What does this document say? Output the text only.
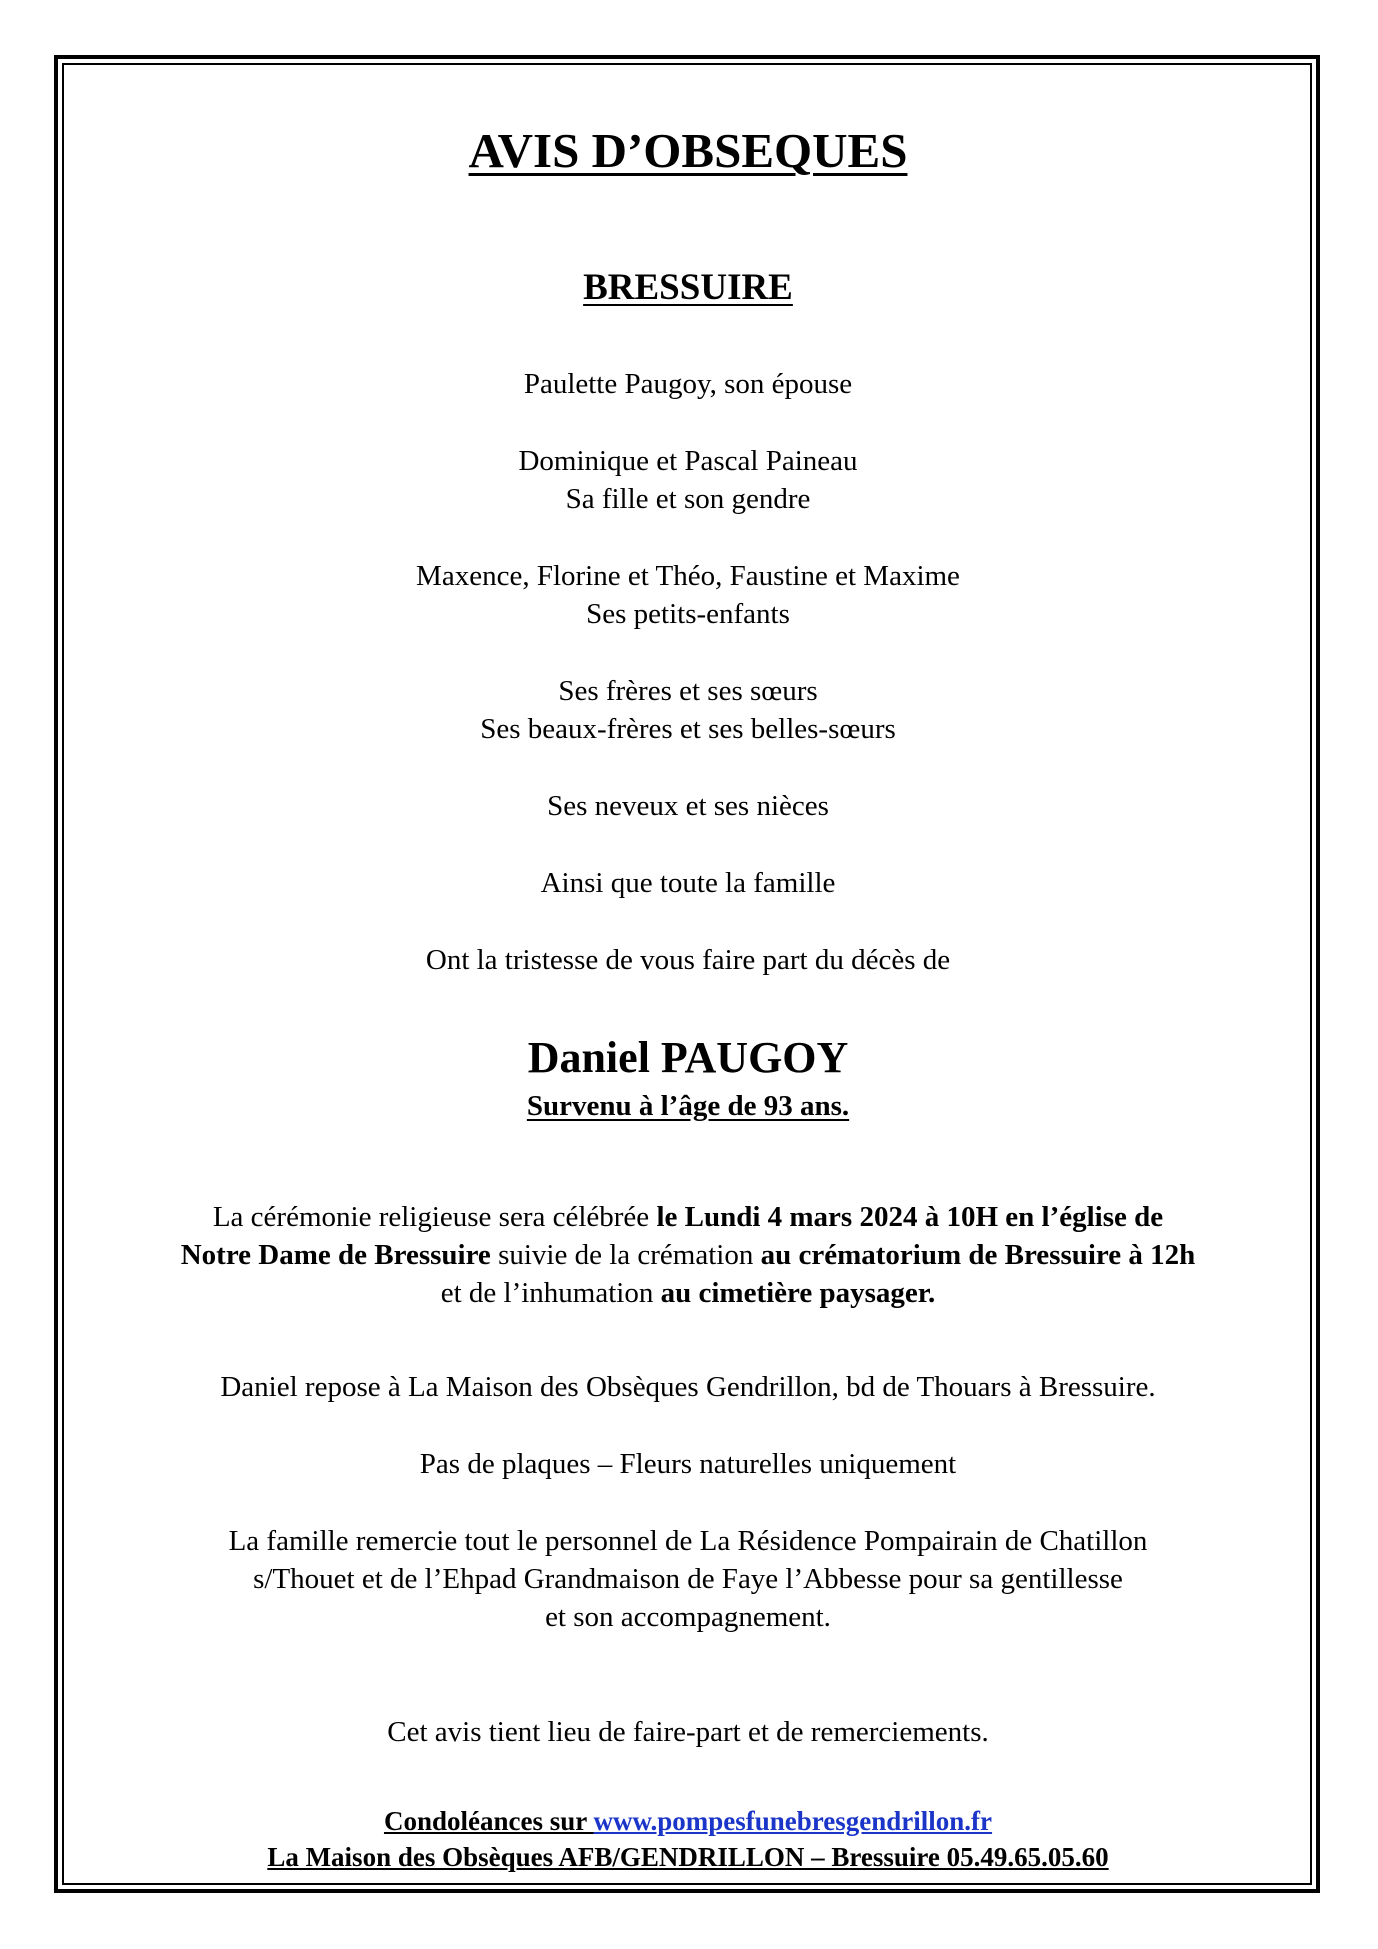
AVIS D’OBSEQUES
BRESSUIRE
Paulette Paugoy, son épouse
Dominique et Pascal Paineau
Sa fille et son gendre
Maxence, Florine et Théo, Faustine et Maxime
Ses petits-enfants
Ses frères et ses sœurs
Ses beaux-frères et ses belles-sœurs
Ses neveux et ses nièces
Ainsi que toute la famille
Ont la tristesse de vous faire part du décès de
Daniel PAUGOY
Survenu à l’âge de 93 ans.
La cérémonie religieuse sera célébrée le Lundi 4 mars 2024 à 10H en l’église de
Notre Dame de Bressuire suivie de la crémation au crématorium de Bressuire à 12h
et de l’inhumation au cimetière paysager.
Daniel repose à La Maison des Obsèques Gendrillon, bd de Thouars à Bressuire.
Pas de plaques – Fleurs naturelles uniquement
La famille remercie tout le personnel de La Résidence Pompairain de Chatillon
s/Thouet et de l’Ehpad Grandmaison de Faye l’Abbesse pour sa gentillesse
et son accompagnement.
Cet avis tient lieu de faire-part et de remerciements.
Condoléances sur www.pompesfunebresgendrillon.fr
La Maison des Obsèques AFB/GENDRILLON – Bressuire 05.49.65.05.60
